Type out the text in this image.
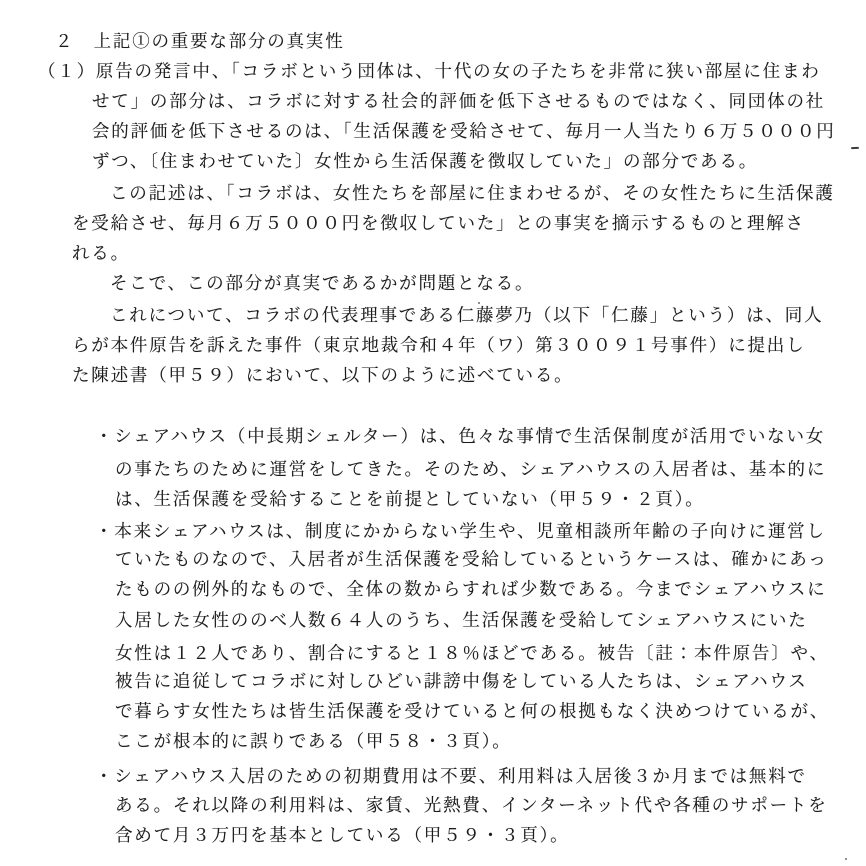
２　上記①の重要な部分の真実性
（１）原告の発言中、「コラボという団体は、十代の女の子たちを非常に狭い部屋に住まわ
せて」の部分は、コラボに対する社会的評価を低下させるものではなく、同団体の社
会的評価を低下させるのは、「生活保護を受給させて、毎月一人当たり６万５０００円
ずつ、〔住まわせていた〕女性から生活保護を徴収していた」の部分である。
この記述は、「コラボは、女性たちを部屋に住まわせるが、その女性たちに生活保護
を受給させ、毎月６万５０００円を徴収していた」との事実を摘示するものと理解さ
れる。
そこで、この部分が真実であるかが問題となる。
これについて、コラボの代表理事である仁藤夢乃（以下「仁藤」という）は、同人
らが本件原告を訴えた事件（東京地裁令和４年（ワ）第３００９１号事件）に提出し
た陳述書（甲５９）において、以下のように述べている。
・シェアハウス（中長期シェルター）は、色々な事情で生活保制度が活用でいない女
の事たちのために運営をしてきた。そのため、シェアハウスの入居者は、基本的に
は、生活保護を受給することを前提としていない（甲５９・２頁）。
・本来シェアハウスは、制度にかからない学生や、児童相談所年齢の子向けに運営し
ていたものなので、入居者が生活保護を受給しているというケースは、確かにあっ
たものの例外的なもので、全体の数からすれば少数である。今までシェアハウスに
入居した女性ののべ人数６４人のうち、生活保護を受給してシェアハウスにいた
女性は１２人であり、割合にすると１８％ほどである。被告〔註：本件原告〕や、
被告に追従してコラボに対しひどい誹謗中傷をしている人たちは、シェアハウス
で暮らす女性たちは皆生活保護を受けていると何の根拠もなく決めつけているが、
ここが根本的に誤りである（甲５８・３頁）。
・シェアハウス入居のための初期費用は不要、利用料は入居後３か月までは無料で
ある。それ以降の利用料は、家賃、光熱費、インターネット代や各種のサポートを
含めて月３万円を基本としている（甲５９・３頁）。
